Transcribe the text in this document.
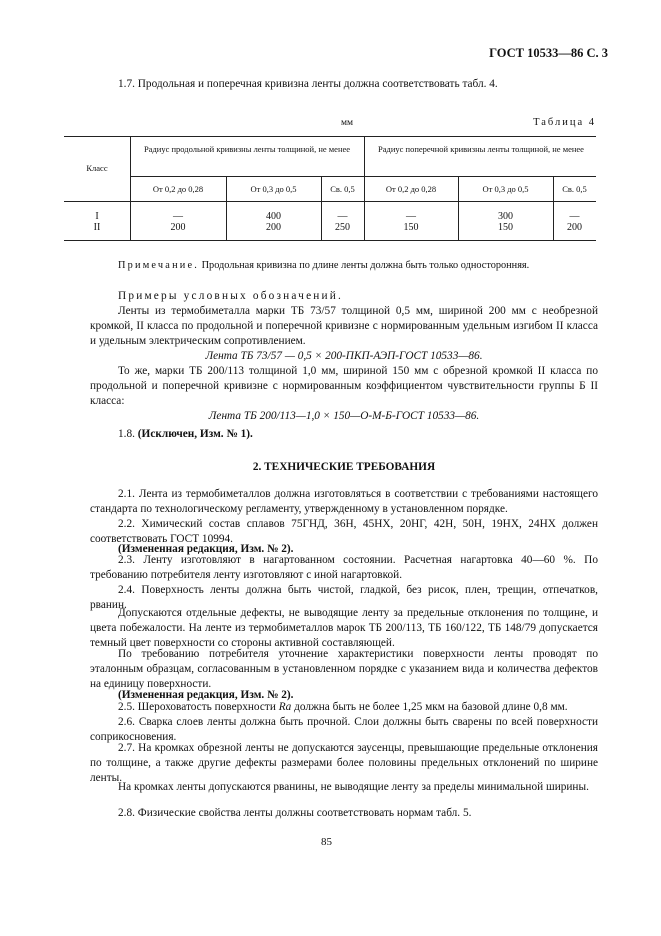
ГОСТ 10533—86 С. 3
1.7. Продольная и поперечная кривизна ленты должна соответствовать табл. 4.
мм	Таблица 4
Класс
Радиус продольной кривизны ленты толщиной, не менее	Радиус поперечной кривизны ленты толщиной, не менее
От 0,2 до 0,28	От 0,3 до 0,5	Св. 0,5	От 0,2 до 0,28	От 0,3 до 0,5	Св. 0,5
I	—	400	—	—	300	—
II	200	200	250	150	150	200
Примечание. Продольная кривизна по длине ленты должна быть только односторонняя.
Примеры условных обозначений.
Ленты из термобиметалла марки ТБ 73/57 толщиной 0,5 мм, шириной 200 мм с необрезной кромкой, II класса по продольной и поперечной кривизне с нормированным удельным изгибом II класса и удельным электрическим сопротивлением.
Лента ТБ 73/57 — 0,5 × 200-ПКП-АЭП-ГОСТ 10533—86.
То же, марки ТБ 200/113 толщиной 1,0 мм, шириной 150 мм с обрезной кромкой II класса по продольной и поперечной кривизне с нормированным коэффициентом чувствительности группы Б II класса:
Лента ТБ 200/113—1,0 × 150—О-М-Б-ГОСТ 10533—86.
1.8. (Исключен, Изм. № 1).
2. ТЕХНИЧЕСКИЕ ТРЕБОВАНИЯ
2.1. Лента из термобиметаллов должна изготовляться в соответствии с требованиями настоящего стандарта по технологическому регламенту, утвержденному в установленном порядке.
2.2. Химический состав сплавов 75ГНД, 36Н, 45НХ, 20НГ, 42Н, 50Н, 19НХ, 24НХ должен соответствовать ГОСТ 10994.
(Измененная редакция, Изм. № 2).
2.3. Ленту изготовляют в нагартованном состоянии. Расчетная нагартовка 40—60 %. По требованию потребителя ленту изготовляют с иной нагартовкой.
2.4. Поверхность ленты должна быть чистой, гладкой, без рисок, плен, трещин, отпечатков, рванин.
Допускаются отдельные дефекты, не выводящие ленту за предельные отклонения по толщине, и цвета побежалости. На ленте из термобиметаллов марок ТБ 200/113, ТБ 160/122, ТБ 148/79 допускается темный цвет поверхности со стороны активной составляющей.
По требованию потребителя уточнение характеристики поверхности ленты проводят по эталонным образцам, согласованным в установленном порядке с указанием вида и количества дефектов на единицу поверхности.
(Измененная редакция, Изм. № 2).
2.5. Шероховатость поверхности Ra должна быть не более 1,25 мкм на базовой длине 0,8 мм.
2.6. Сварка слоев ленты должна быть прочной. Слои должны быть сварены по всей поверхности соприкосновения.
2.7. На кромках обрезной ленты не допускаются заусенцы, превышающие предельные отклонения по толщине, а также другие дефекты размерами более половины предельных отклонений по ширине ленты.
На кромках ленты допускаются рванины, не выводящие ленту за пределы минимальной ширины.
2.8. Физические свойства ленты должны соответствовать нормам табл. 5.
85
